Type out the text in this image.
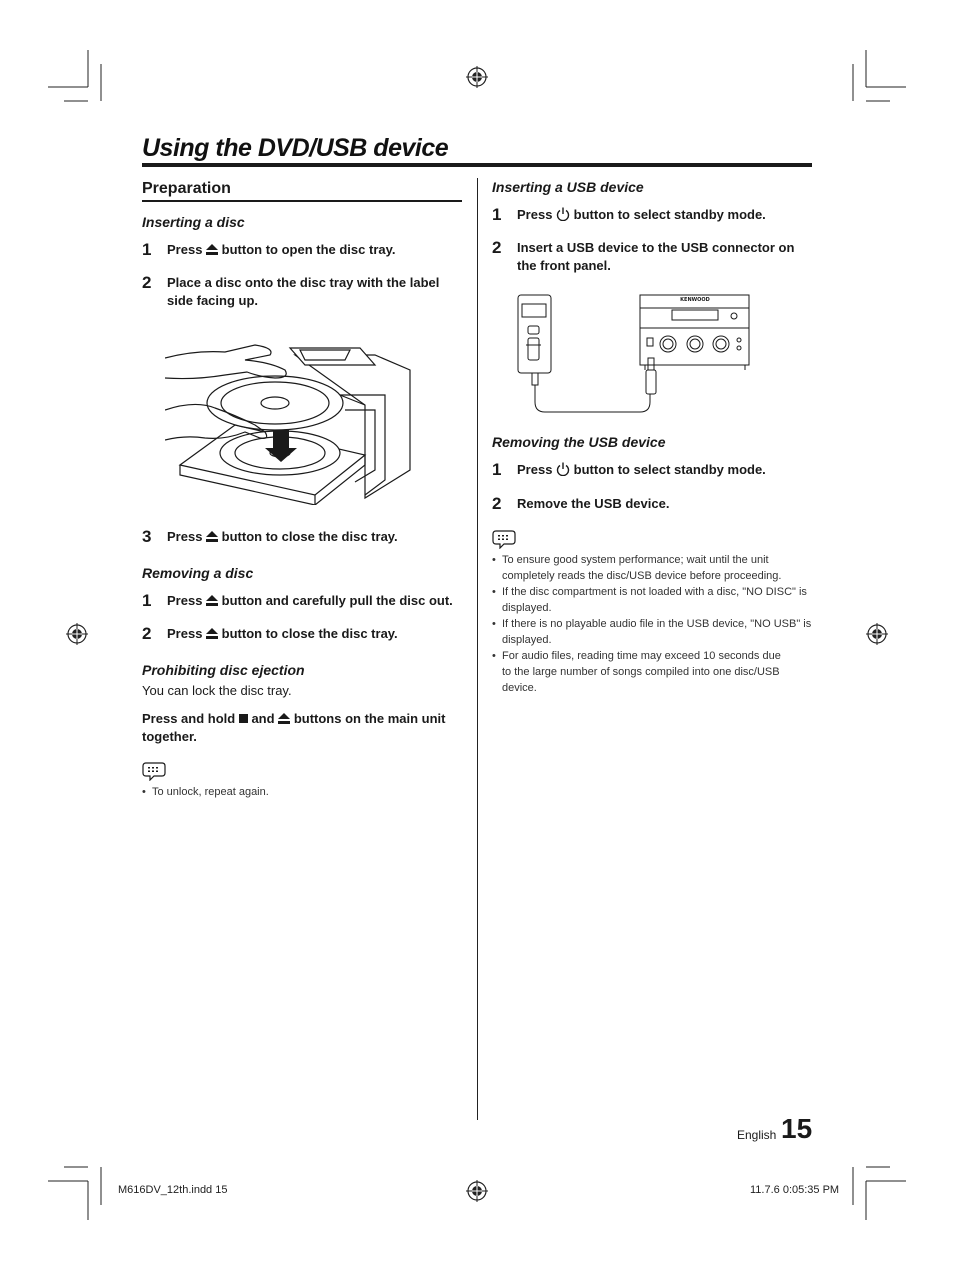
Using the DVD/USB device
Preparation
Inserting a disc
1 Press button to open the disc tray.
2 Place a disc onto the disc tray with the label side facing up.
3 Press button to close the disc tray.
Removing a disc
1 Press button and carefully pull the disc out.
2 Press button to close the disc tray.
Prohibiting disc ejection
You can lock the disc tray.
Press and hold and buttons on the main unit together.
• To unlock, repeat again.
Inserting a USB device
1 Press button to select standby mode.
2 Insert a USB device to the USB connector on the front panel.
KENWOOD
Removing the USB device
1 Press button to select standby mode.
2 Remove the USB device.
• To ensure good system performance; wait until the unit completely reads the disc/USB device before proceeding.
• If the disc compartment is not loaded with a disc, "NO DISC" is displayed.
• If there is no playable audio file in the USB device, "NO USB" is displayed.
• For audio files, reading time may exceed 10 seconds due to the large number of songs compiled into one disc/USB device.
English 15
M616DV_12th.indd 15	11.7.6 0:05:35 PM
